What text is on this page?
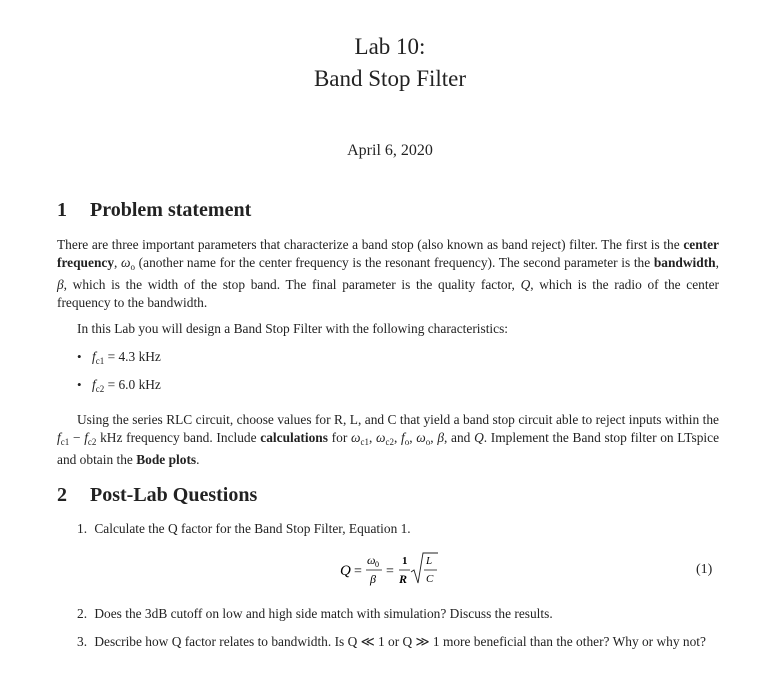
Lab 10:
Band Stop Filter
April 6, 2020
1 Problem statement
There are three important parameters that characterize a band stop (also known as band reject) filter. The first is the center frequency, $\omega_o$ (another name for the center frequency is the resonant frequency). The second parameter is the bandwidth, β, which is the width of the stop band. The final parameter is the quality factor, Q, which is the radio of the center frequency to the bandwidth.
In this Lab you will design a Band Stop Filter with the following characteristics:
• $f_{c1} = 4.3$ kHz
• $f_{c2} = 6.0$ kHz
Using the series RLC circuit, choose values for R, L, and C that yield a band stop circuit able to reject inputs within the $f_{c1} - f_{c2}$ kHz frequency band. Include calculations for $\omega_{c1}$, $\omega_{c2}$, $f_o$, $\omega_o$, β, and Q. Implement the Band stop filter on LTspice and obtain the Bode plots.
2 Post-Lab Questions
1. Calculate the Q factor for the Band Stop Filter, Equation 1.
Q =
ω 0
β =
1
R
L
C
(1)
2. Does the 3dB cutoff on low and high side match with simulation? Discuss the results.
3. Describe how Q factor relates to bandwidth. Is Q ≪ 1 or Q ≫ 1 more beneficial than the other? Why or why not?
